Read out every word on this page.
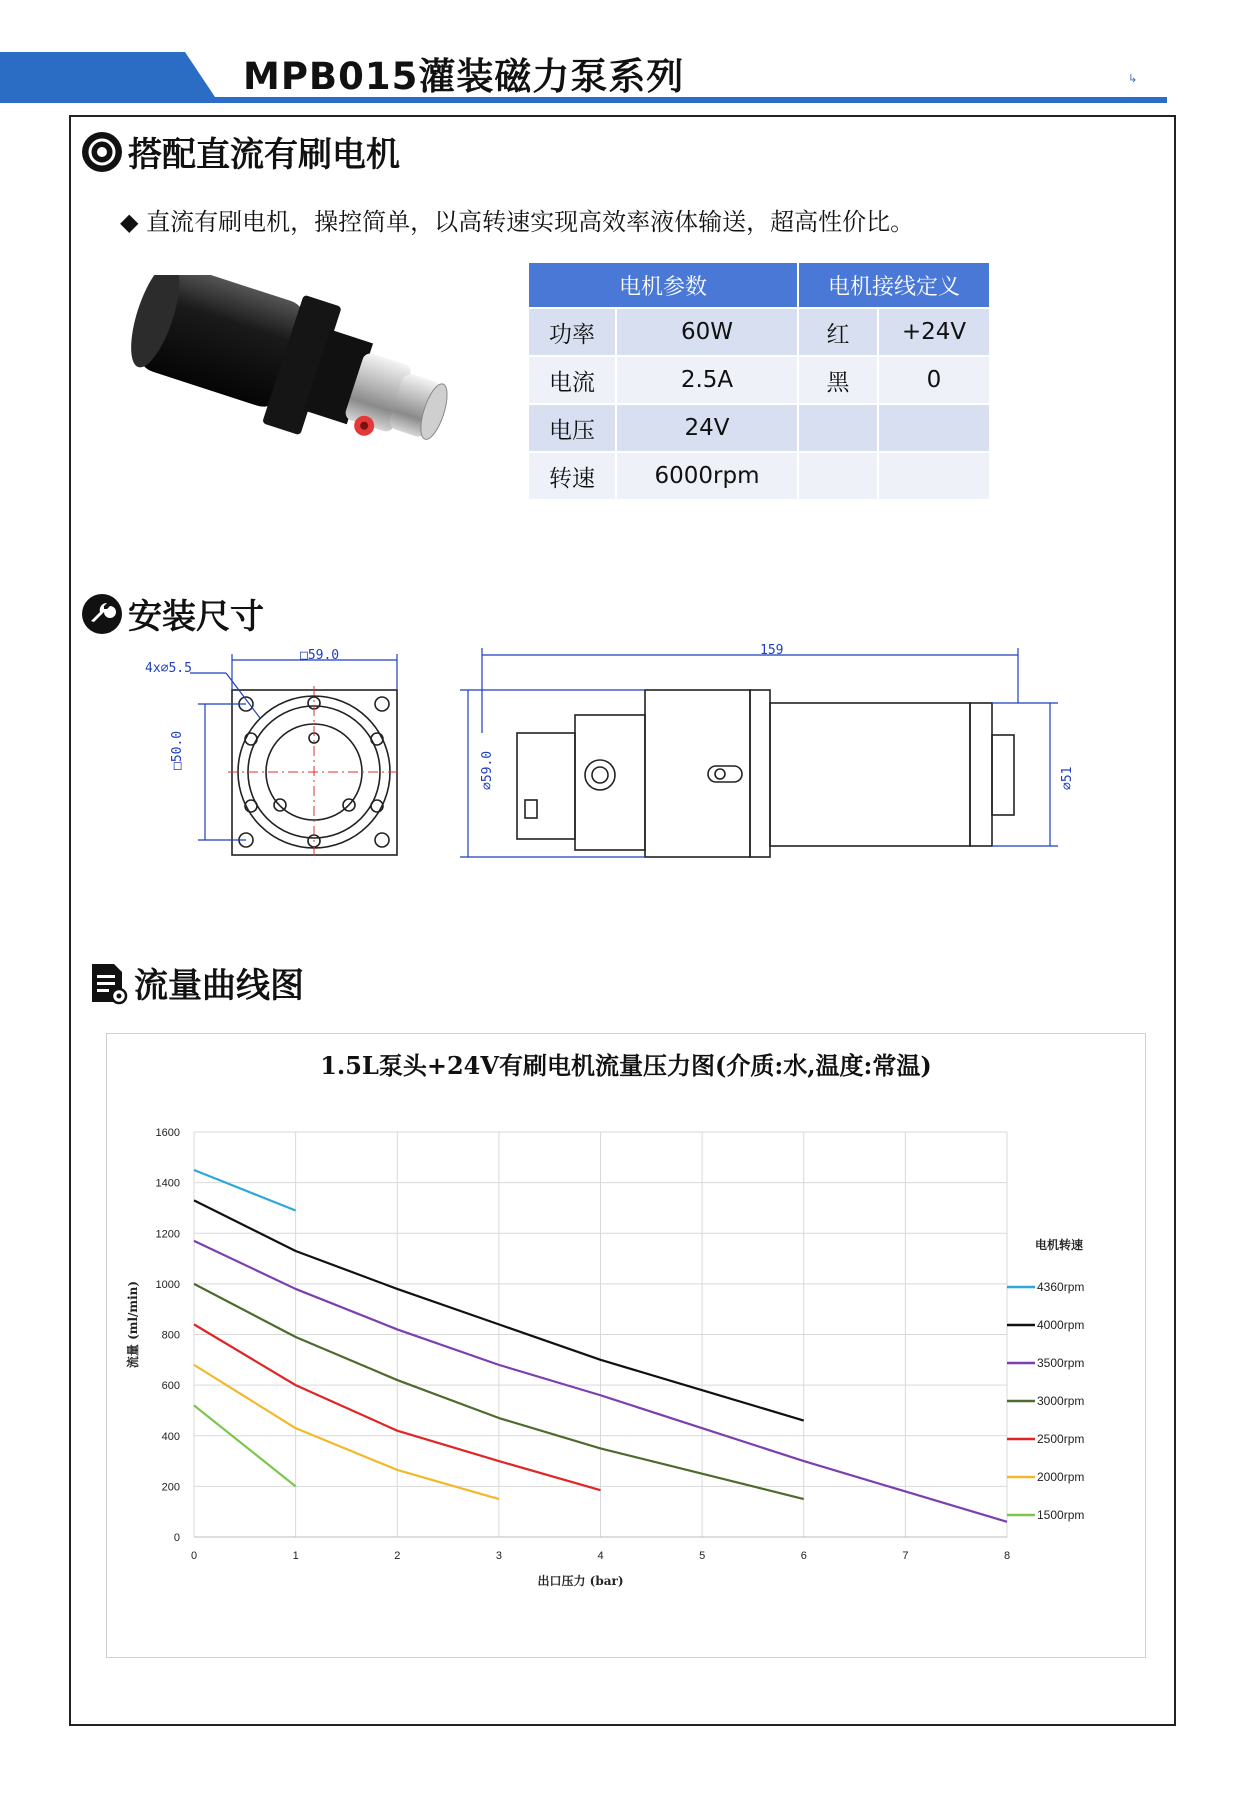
MPB015灌装磁力泵系列	↳
搭配直流有刷电机
◆ 直流有刷电机，操控简单，以高转速实现高效率液体输送，超高性价比。
电机参数		电机接线定义	
功率	60W	红	+24V
电流	2.5A	黑	0
电压	24V		
转速	6000rpm		
安装尺寸
4x⌀5.5
□59.0
□50.0
159
⌀59.0	⌀51
流量曲线图
1.5L泵头+24V有刷电机流量压力图(介质:水,温度:常温)
0	1	2	3	4	5	6	7	8
0
200
400
600
800
1000
1200
1400
1600
出口压力 (bar)
流量 (ml/min)
电机转速
4360rpm
4000rpm
3500rpm
3000rpm
2500rpm
2000rpm
1500rpm
